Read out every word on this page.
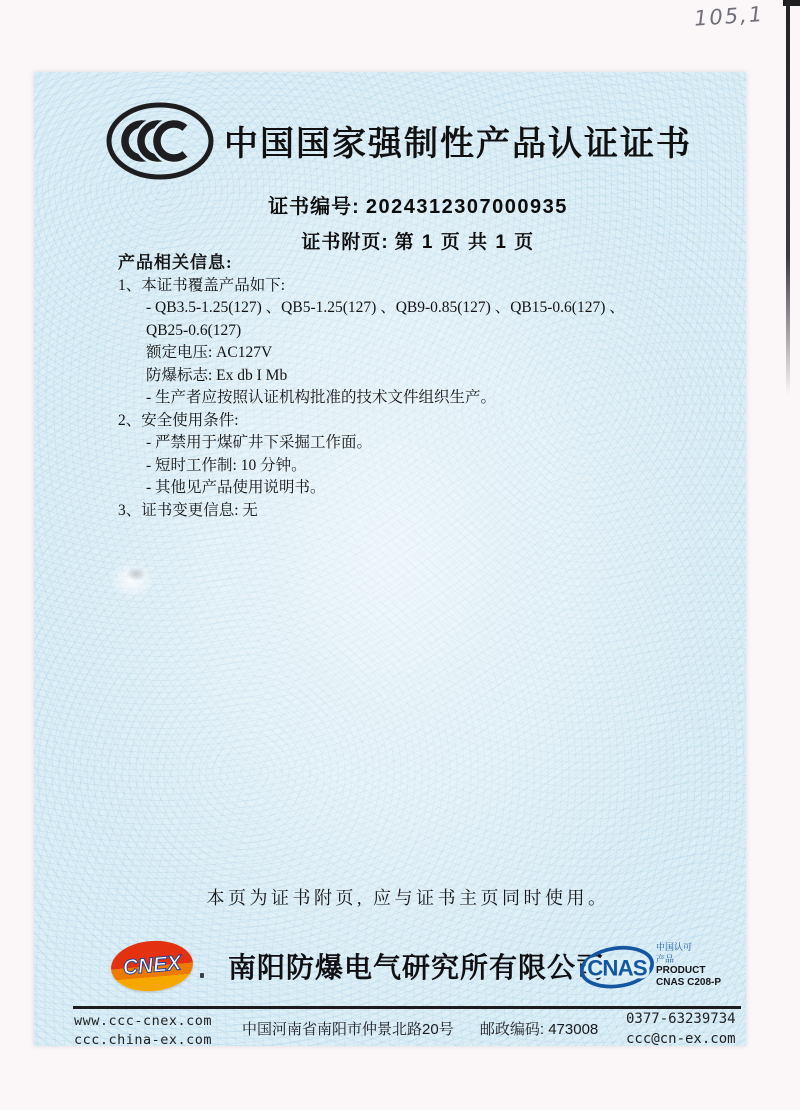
105,1
中国国家强制性产品认证证书
证书编号: 2024312307000935
证书附页: 第 1 页 共 1 页
产品相关信息:
1、本证书覆盖产品如下:
- QB3.5-1.25(127) 、QB5-1.25(127) 、QB9-0.85(127) 、QB15-0.6(127) 、
QB25-0.6(127)
额定电压: AC127V
防爆标志: Ex db I Mb
- 生产者应按照认证机构批准的技术文件组织生产。
2、安全使用条件:
- 严禁用于煤矿井下采掘工作面。
- 短时工作制: 10 分钟。
- 其他见产品使用说明书。
3、证书变更信息: 无
本页为证书附页, 应与证书主页同时使用。
CNEX 南阳防爆电气研究所有限公司
CNAS
中国认可
产品
PRODUCT
CNAS C208-P
www.ccc-cnex.com
ccc.china-ex.com
中国河南省南阳市仲景北路20号 邮政编码: 473008
0377-63239734
ccc@cn-ex.com
